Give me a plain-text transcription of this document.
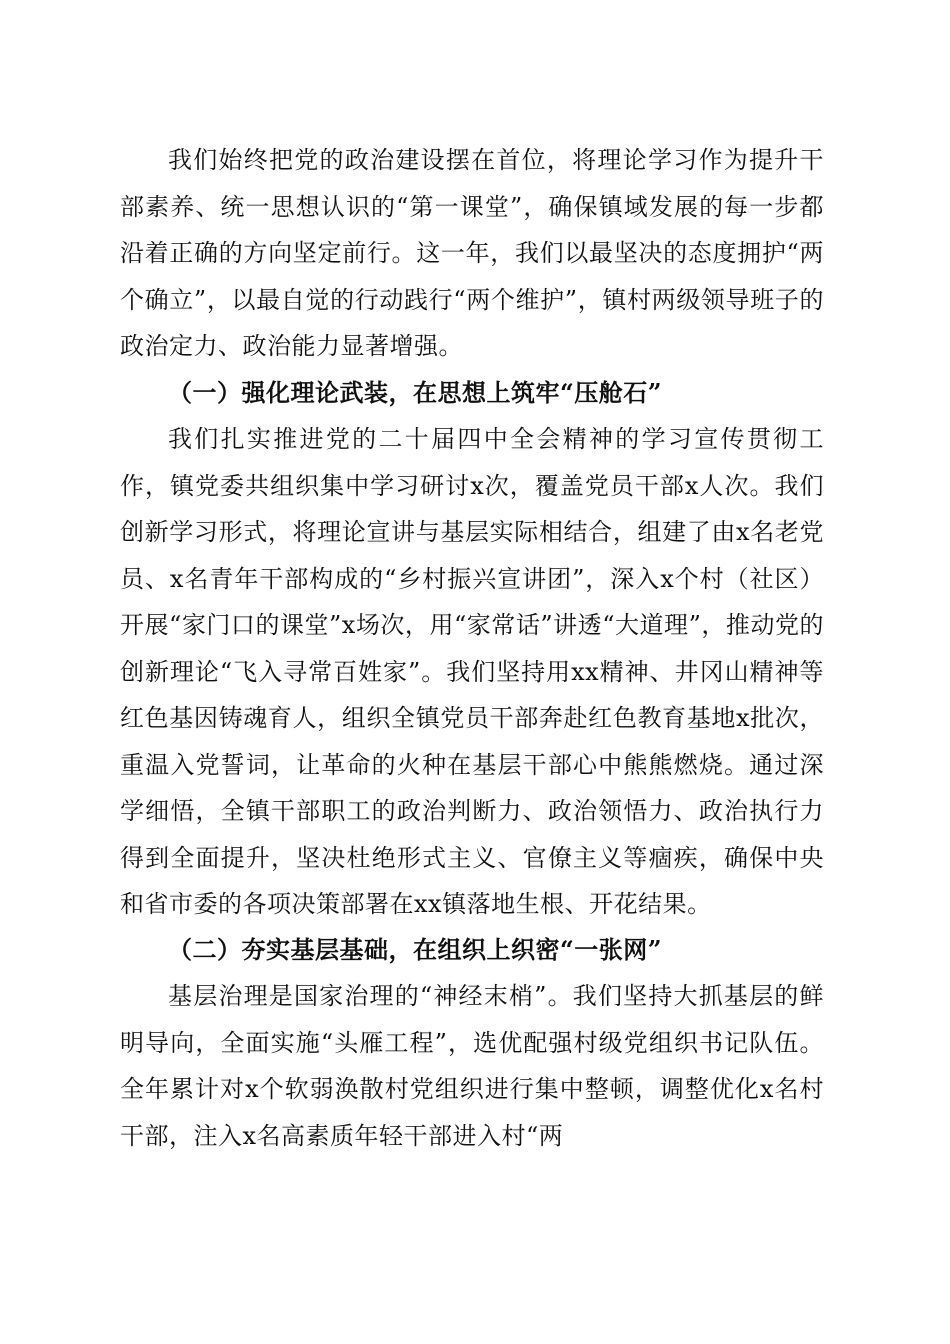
我们始终把党的政治建设摆在首位，将理论学习作为提升干部素养、统一思想认识的“第一课堂”，确保镇域发展的每一步都沿着正确的方向坚定前行。这一年，我们以最坚决的态度拥护“两个确立”，以最自觉的行动践行“两个维护”，镇村两级领导班子的政治定力、政治能力显著增强。

（一）强化理论武装，在思想上筑牢“压舱石”

我们扎实推进党的二十届四中全会精神的学习宣传贯彻工作，镇党委共组织集中学习研讨x次，覆盖党员干部x人次。我们创新学习形式，将理论宣讲与基层实际相结合，组建了由x名老党员、x名青年干部构成的“乡村振兴宣讲团”，深入x个村（社区）开展“家门口的课堂”x场次，用“家常话”讲透“大道理”，推动党的创新理论“飞入寻常百姓家”。我们坚持用xx精神、井冈山精神等红色基因铸魂育人，组织全镇党员干部奔赴红色教育基地x批次，重温入党誓词，让革命的火种在基层干部心中熊熊燃烧。通过深学细悟，全镇干部职工的政治判断力、政治领悟力、政治执行力得到全面提升，坚决杜绝形式主义、官僚主义等痼疾，确保中央和省市委的各项决策部署在xx镇落地生根、开花结果。

（二）夯实基层基础，在组织上织密“一张网”

基层治理是国家治理的“神经末梢”。我们坚持大抓基层的鲜明导向，全面实施“头雁工程”，选优配强村级党组织书记队伍。全年累计对x个软弱涣散村党组织进行集中整顿，调整优化x名村干部，注入x名高素质年轻干部进入村“两
